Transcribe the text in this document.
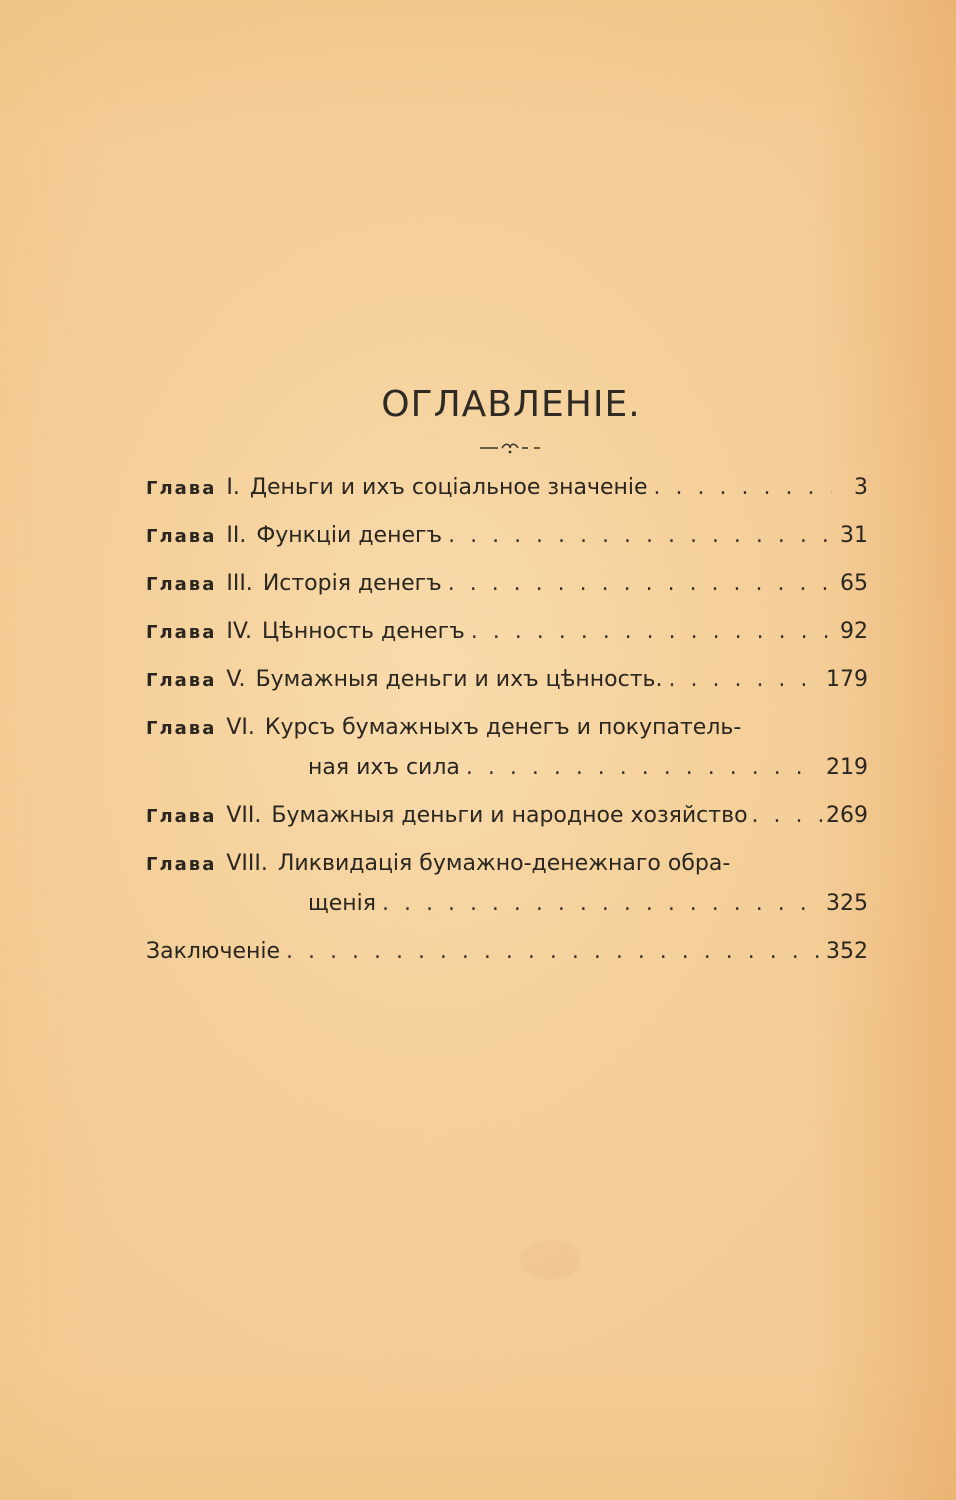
ОГЛАВЛЕНІЕ.
Глава I. Деньги и ихъ соціальное значеніе . . .	3
Глава II. Функціи денегъ . . .	31
Глава III. Исторія денегъ . . .	65
Глава IV. Цѣнность денегъ . . .	92
Глава V. Бумажныя деньги и ихъ цѣнность. . . .	179
Глава VI. Курсъ бумажныхъ денегъ и покупатель-
ная ихъ сила . . .	219
Глава VII. Бумажныя деньги и народное хозяйство . . .	269
Глава VIII. Ликвидація бумажно-денежнаго обра-
щенія . . .	325
Заключеніе . . .	352
